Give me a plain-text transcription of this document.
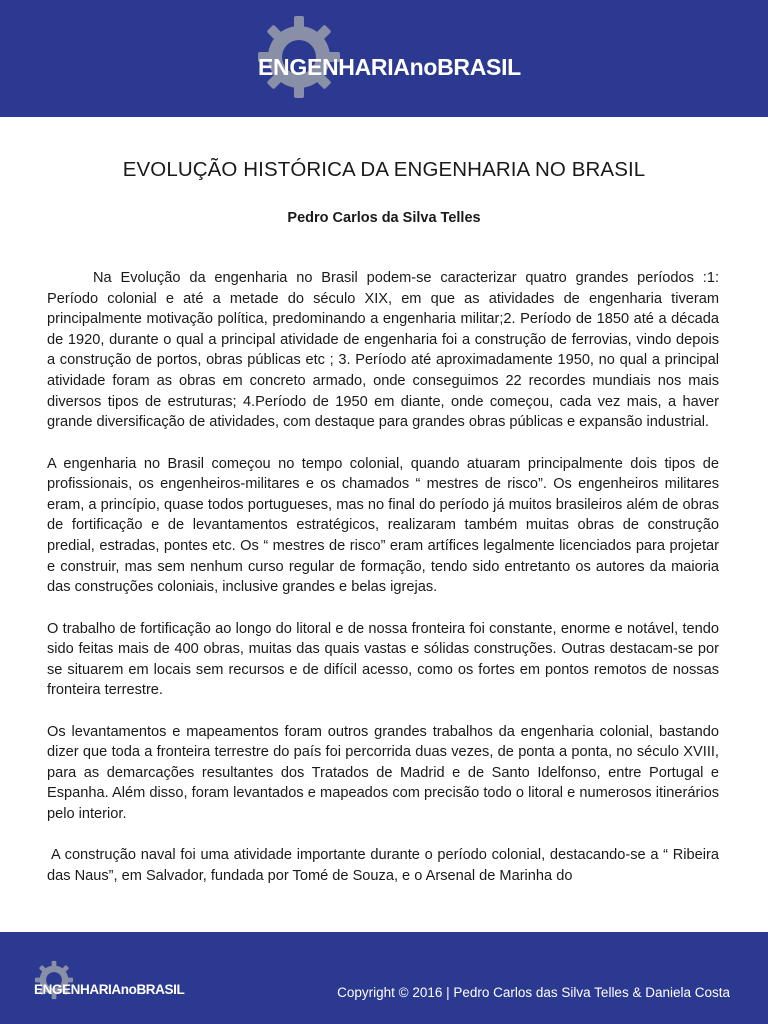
ENGENHARIAnoBRASIL
EVOLUÇÃO HISTÓRICA DA ENGENHARIA NO BRASIL
Pedro Carlos da Silva Telles

Na Evolução da engenharia no Brasil podem-se caracterizar quatro grandes períodos :1: Período colonial e até a metade do século XIX, em que as atividades de engenharia tiveram principalmente motivação política, predominando a engenharia militar;2. Período de 1850 até a década de 1920, durante o qual a principal atividade de engenharia foi a construção de ferrovias, vindo depois a construção de portos, obras públicas etc ; 3. Período até aproximadamente 1950, no qual a principal atividade foram as obras em concreto armado, onde conseguimos 22 recordes mundiais nos mais diversos tipos de estruturas; 4.Período de 1950 em diante, onde começou, cada vez mais, a haver grande diversificação de atividades, com destaque para grandes obras públicas e expansão industrial.

A engenharia no Brasil começou no tempo colonial, quando atuaram principalmente dois tipos de profissionais, os engenheiros-militares e os chamados “ mestres de risco”. Os engenheiros militares eram, a princípio, quase todos portugueses, mas no final do período já muitos brasileiros além de obras de fortificação e de levantamentos estratégicos, realizaram também muitas obras de construção predial, estradas, pontes etc. Os “ mestres de risco” eram artífices legalmente licenciados para projetar e construir, mas sem nenhum curso regular de formação, tendo sido entretanto os autores da maioria das construções coloniais, inclusive grandes e belas igrejas.

O trabalho de fortificação ao longo do litoral e de nossa fronteira foi constante, enorme e notável, tendo sido feitas mais de 400 obras, muitas das quais vastas e sólidas construções. Outras destacam-se por se situarem em locais sem recursos e de difícil acesso, como os fortes em pontos remotos de nossas fronteira terrestre.

Os levantamentos e mapeamentos foram outros grandes trabalhos da engenharia colonial, bastando dizer que toda a fronteira terrestre do país foi percorrida duas vezes, de ponta a ponta, no século XVIII, para as demarcações resultantes dos Tratados de Madrid e de Santo Idelfonso, entre Portugal e Espanha. Além disso, foram levantados e mapeados com precisão todo o litoral e numerosos itinerários pelo interior.

A construção naval foi uma atividade importante durante o período colonial, destacando-se a “ Ribeira das Naus”, em Salvador, fundada por Tomé de Souza, e o Arsenal de Marinha do

ENGENHARIAnoBRASIL	Copyright © 2016 | Pedro Carlos das Silva Telles & Daniela Costa
